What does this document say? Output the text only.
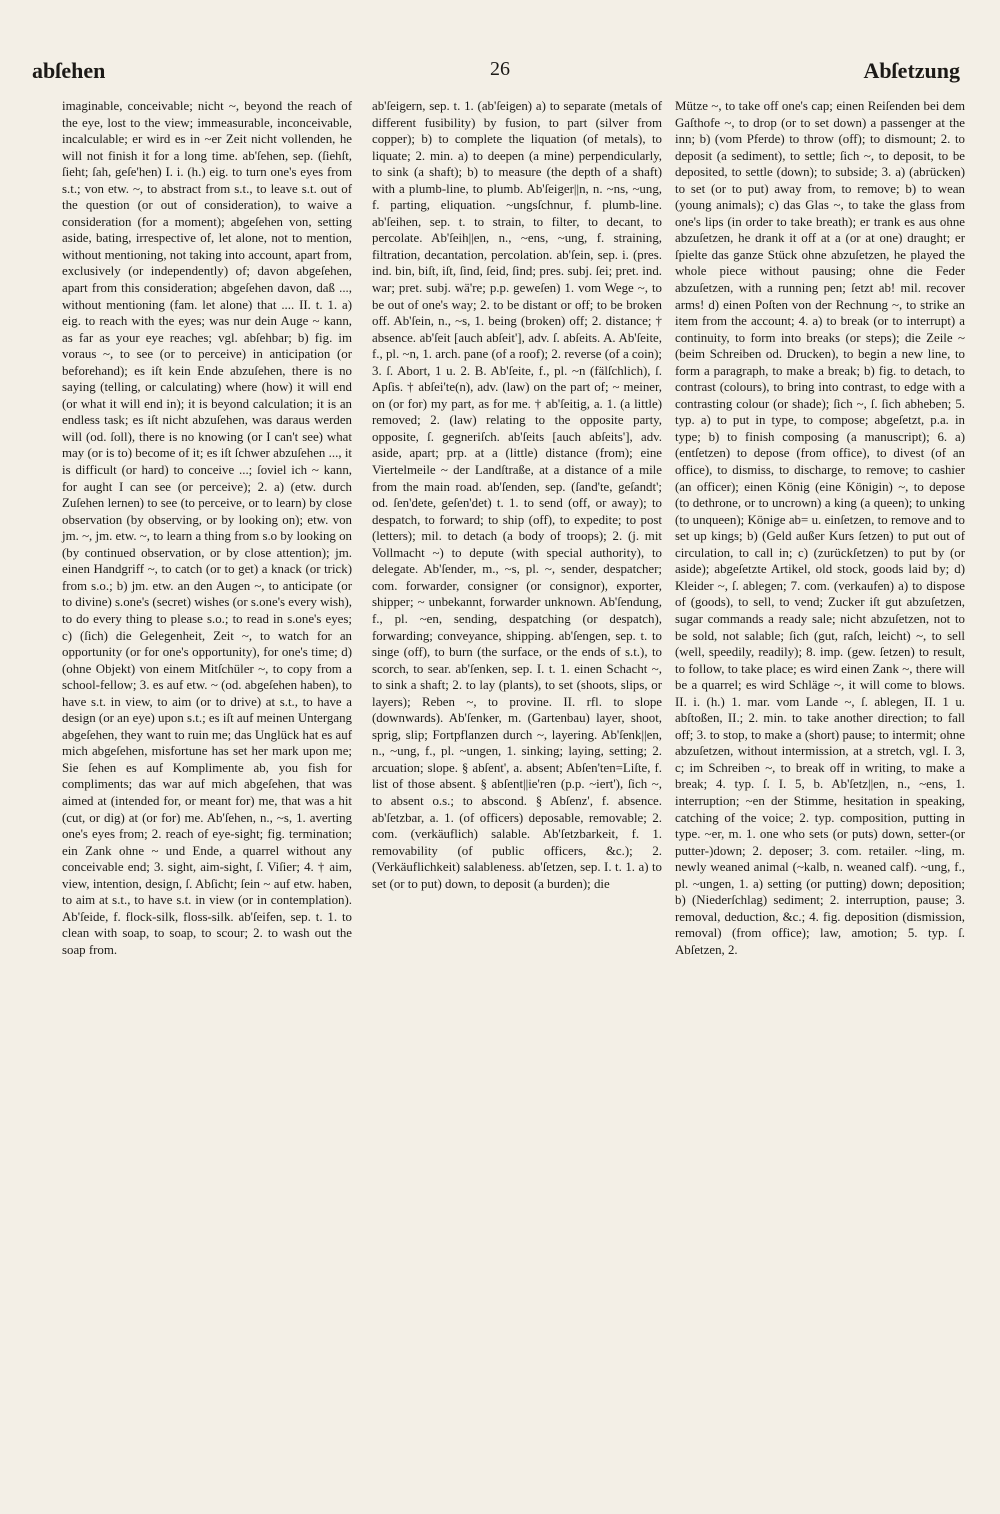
abſehen	26	Abſetzung

imaginable, conceivable; nicht ~, beyond the reach of the eye, lost to the view; immeasurable, inconceivable, incalculable; er wird es in ~er Zeit nicht vollenden, he will not finish it for a long time. ab'ſehen, sep. (ſiehſt, ſieht; ſah, geſe'hen) I. i. (h.) eig. to turn one's eyes from s.t.; von etw. ~, to abstract from s.t., to leave s.t. out of the question (or out of consideration), to waive a consideration (for a moment); abgeſehen von, setting aside, bating, irrespective of, let alone, not to mention, without mentioning, not taking into account, apart from, exclusively (or independently) of; davon abgeſehen, apart from this consideration; abgeſehen davon, daß ..., without mentioning (fam. let alone) that .... II. t. 1. a) eig. to reach with the eyes; was nur dein Auge ~ kann, as far as your eye reaches; vgl. abſehbar; b) fig. im voraus ~, to see (or to perceive) in anticipation (or beforehand); es iſt kein Ende abzuſehen, there is no saying (telling, or calculating) where (how) it will end (or what it will end in); it is beyond calculation; it is an endless task; es iſt nicht abzuſehen, was daraus werden will (od. ſoll), there is no knowing (or I can't see) what may (or is to) become of it; es iſt ſchwer abzuſehen ..., it is difficult (or hard) to conceive ...; ſoviel ich ~ kann, for aught I can see (or perceive); 2. a) (etw. durch Zuſehen lernen) to see (to perceive, or to learn) by close observation (by observing, or by looking on); etw. von jm. ~, jm. etw. ~, to learn a thing from s.o by looking on (by continued observation, or by close attention); jm. einen Handgriff ~, to catch (or to get) a knack (or trick) from s.o.; b) jm. etw. an den Augen ~, to anticipate (or to divine) s.one's (secret) wishes (or s.one's every wish), to do every thing to please s.o.; to read in s.one's eyes; c) (ſich) die Gelegenheit, Zeit ~, to watch for an opportunity (or for one's opportunity), for one's time; d) (ohne Objekt) von einem Mitſchüler ~, to copy from a school-fellow; 3. es auf etw. ~ (od. abgeſehen haben), to have s.t. in view, to aim (or to drive) at s.t., to have a design (or an eye) upon s.t.; es iſt auf meinen Untergang abgeſehen, they want to ruin me; das Unglück hat es auf mich abgeſehen, misfortune has set her mark upon me; Sie ſehen es auf Komplimente ab, you fish for compliments; das war auf mich abgeſehen, that was aimed at (intended for, or meant for) me, that was a hit (cut, or dig) at (or for) me. Ab'ſehen, n., ~s, 1. averting one's eyes from; 2. reach of eye-sight; fig. termination; ein Zank ohne ~ und Ende, a quarrel without any conceivable end; 3. sight, aim-sight, ſ. Viſier; 4. † aim, view, intention, design, ſ. Abſicht; ſein ~ auf etw. haben, to aim at s.t., to have s.t. in view (or in contemplation). Ab'ſeide, f. flock-silk, floss-silk. ab'ſeifen, sep. t. 1. to clean with soap, to soap, to scour; 2. to wash out the soap from.

ab'ſeigern, sep. t. 1. (ab'ſeigen) a) to separate (metals of different fusibility) by fusion, to part (silver from copper); b) to complete the liquation (of metals), to liquate; 2. min. a) to deepen (a mine) perpendicularly, to sink (a shaft); b) to measure (the depth of a shaft) with a plumb-line, to plumb. Ab'ſeiger||n, n. ~ns, ~ung, f. parting, eliquation. ~ungsſchnur, f. plumb-line. ab'ſeihen, sep. t. to strain, to filter, to decant, to percolate. Ab'ſeih||en, n., ~ens, ~ung, f. straining, filtration, decantation, percolation. ab'ſein, sep. i. (pres. ind. bin, biſt, iſt, ſind, ſeid, ſind; pres. subj. ſei; pret. ind. war; pret. subj. wä're; p.p. geweſen) 1. vom Wege ~, to be out of one's way; 2. to be distant or off; to be broken off. Ab'ſein, n., ~s, 1. being (broken) off; 2. distance; † absence. ab'ſeit [auch abſeit'], adv. ſ. abſeits. A. Ab'ſeite, f., pl. ~n, 1. arch. pane (of a roof); 2. reverse (of a coin); 3. ſ. Abort, 1 u. 2. B. Ab'ſeite, f., pl. ~n (fälſchlich), ſ. Apſis. † abſei'te(n), adv. (law) on the part of; ~ meiner, on (or for) my part, as for me. † ab'ſeitig, a. 1. (a little) removed; 2. (law) relating to the opposite party, opposite, ſ. gegneriſch. ab'ſeits [auch abſeits'], adv. aside, apart; prp. at a (little) distance (from); eine Viertelmeile ~ der Landſtraße, at a distance of a mile from the main road. ab'ſenden, sep. (ſand'te, geſandt'; od. ſen'dete, geſen'det) t. 1. to send (off, or away); to despatch, to forward; to ship (off), to expedite; to post (letters); mil. to detach (a body of troops); 2. (j. mit Vollmacht ~) to depute (with special authority), to delegate. Ab'ſender, m., ~s, pl. ~, sender, despatcher; com. forwarder, consigner (or consignor), exporter, shipper; ~ unbekannt, forwarder unknown. Ab'ſendung, f., pl. ~en, sending, despatching (or despatch), forwarding; conveyance, shipping. ab'ſengen, sep. t. to singe (off), to burn (the surface, or the ends of s.t.), to scorch, to sear. ab'ſenken, sep. I. t. 1. einen Schacht ~, to sink a shaft; 2. to lay (plants), to set (shoots, slips, or layers); Reben ~, to provine. II. rfl. to slope (downwards). Ab'ſenker, m. (Gartenbau) layer, shoot, sprig, slip; Fortpflanzen durch ~, layering. Ab'ſenk||en, n., ~ung, f., pl. ~ungen, 1. sinking; laying, setting; 2. arcuation; slope. § abſent', a. absent; Abſen'ten=Liſte, f. list of those absent. § abſent||ie'ren (p.p. ~iert'), ſich ~, to absent o.s.; to abscond. § Abſenz', f. absence. ab'ſetzbar, a. 1. (of officers) deposable, removable; 2. com. (verkäuflich) salable. Ab'ſetzbarkeit, f. 1. removability (of public officers, &c.); 2. (Verkäuflichkeit) salableness. ab'ſetzen, sep. I. t. 1. a) to set (or to put) down, to deposit (a burden); die

Mütze ~, to take off one's cap; einen Reiſenden bei dem Gaſthofe ~, to drop (or to set down) a passenger at the inn; b) (vom Pferde) to throw (off); to dismount; 2. to deposit (a sediment), to settle; ſich ~, to deposit, to be deposited, to settle (down); to subside; 3. a) (abrücken) to set (or to put) away from, to remove; b) to wean (young animals); c) das Glas ~, to take the glass from one's lips (in order to take breath); er trank es aus ohne abzuſetzen, he drank it off at a (or at one) draught; er ſpielte das ganze Stück ohne abzuſetzen, he played the whole piece without pausing; ohne die Feder abzuſetzen, with a running pen; ſetzt ab! mil. recover arms! d) einen Poſten von der Rechnung ~, to strike an item from the account; 4. a) to break (or to interrupt) a continuity, to form into breaks (or steps); die Zeile ~ (beim Schreiben od. Drucken), to begin a new line, to form a paragraph, to make a break; b) fig. to detach, to contrast (colours), to bring into contrast, to edge with a contrasting colour (or shade); ſich ~, ſ. ſich abheben; 5. typ. a) to put in type, to compose; abgeſetzt, p.a. in type; b) to finish composing (a manuscript); 6. a) (entſetzen) to depose (from office), to divest (of an office), to dismiss, to discharge, to remove; to cashier (an officer); einen König (eine Königin) ~, to depose (to dethrone, or to uncrown) a king (a queen); to unking (to unqueen); Könige ab= u. einſetzen, to remove and to set up kings; b) (Geld außer Kurs ſetzen) to put out of circulation, to call in; c) (zurückſetzen) to put by (or aside); abgeſetzte Artikel, old stock, goods laid by; d) Kleider ~, ſ. ablegen; 7. com. (verkaufen) a) to dispose of (goods), to sell, to vend; Zucker iſt gut abzuſetzen, sugar commands a ready sale; nicht abzuſetzen, not to be sold, not salable; ſich (gut, raſch, leicht) ~, to sell (well, speedily, readily); 8. imp. (gew. ſetzen) to result, to follow, to take place; es wird einen Zank ~, there will be a quarrel; es wird Schläge ~, it will come to blows. II. i. (h.) 1. mar. vom Lande ~, ſ. ablegen, II. 1 u. abſtoßen, II.; 2. min. to take another direction; to fall off; 3. to stop, to make a (short) pause; to intermit; ohne abzuſetzen, without intermission, at a stretch, vgl. I. 3, c; im Schreiben ~, to break off in writing, to make a break; 4. typ. ſ. I. 5, b. Ab'ſetz||en, n., ~ens, 1. interruption; ~en der Stimme, hesitation in speaking, catching of the voice; 2. typ. composition, putting in type. ~er, m. 1. one who sets (or puts) down, setter-(or putter-)down; 2. deposer; 3. com. retailer. ~ling, m. newly weaned animal (~kalb, n. weaned calf). ~ung, f., pl. ~ungen, 1. a) setting (or putting) down; deposition; b) (Niederſchlag) sediment; 2. interruption, pause; 3. removal, deduction, &c.; 4. fig. deposition (dismission, removal) (from office); law, amotion; 5. typ. ſ. Abſetzen, 2.
